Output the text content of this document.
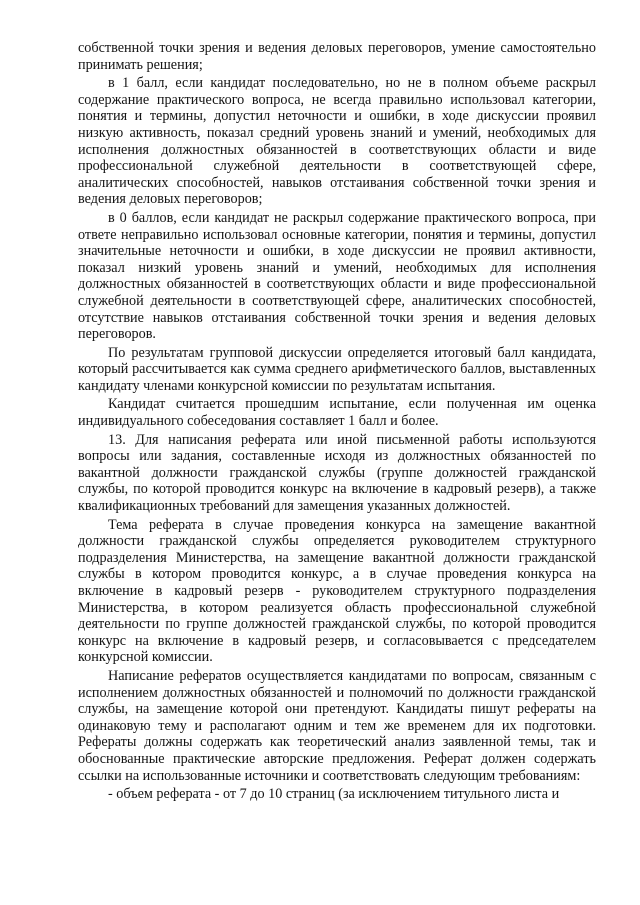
собственной точки зрения и ведения деловых переговоров, умение самостоятельно принимать решения;

в 1 балл, если кандидат последовательно, но не в полном объеме раскрыл содержание практического вопроса, не всегда правильно использовал категории, понятия и термины, допустил неточности и ошибки, в ходе дискуссии проявил низкую активность, показал средний уровень знаний и умений, необходимых для исполнения должностных обязанностей в соответствующих области и виде профессиональной служебной деятельности в соответствующей сфере, аналитических способностей, навыков отстаивания собственной точки зрения и ведения деловых переговоров;

в 0 баллов, если кандидат не раскрыл содержание практического вопроса, при ответе неправильно использовал основные категории, понятия и термины, допустил значительные неточности и ошибки, в ходе дискуссии не проявил активности, показал низкий уровень знаний и умений, необходимых для исполнения должностных обязанностей в соответствующих области и виде профессиональной служебной деятельности в соответствующей сфере, аналитических способностей, отсутствие навыков отстаивания собственной точки зрения и ведения деловых переговоров.

По результатам групповой дискуссии определяется итоговый балл кандидата, который рассчитывается как сумма среднего арифметического баллов, выставленных кандидату членами конкурсной комиссии по результатам испытания.

Кандидат считается прошедшим испытание, если полученная им оценка индивидуального собеседования составляет 1 балл и более.

13. Для написания реферата или иной письменной работы используются вопросы или задания, составленные исходя из должностных обязанностей по вакантной должности гражданской службы (группе должностей гражданской службы, по которой проводится конкурс на включение в кадровый резерв), а также квалификационных требований для замещения указанных должностей.

Тема реферата в случае проведения конкурса на замещение вакантной должности гражданской службы определяется руководителем структурного подразделения Министерства, на замещение вакантной должности гражданской службы в котором проводится конкурс, а в случае проведения конкурса на включение в кадровый резерв - руководителем структурного подразделения Министерства, в котором реализуется область профессиональной служебной деятельности по группе должностей гражданской службы, по которой проводится конкурс на включение в кадровый резерв, и согласовывается с председателем конкурсной комиссии.

Написание рефератов осуществляется кандидатами по вопросам, связанным с исполнением должностных обязанностей и полномочий по должности гражданской службы, на замещение которой они претендуют. Кандидаты пишут рефераты на одинаковую тему и располагают одним и тем же временем для их подготовки. Рефераты должны содержать как теоретический анализ заявленной темы, так и обоснованные практические авторские предложения. Реферат должен содержать ссылки на использованные источники и соответствовать следующим требованиям:

- объем реферата - от 7 до 10 страниц (за исключением титульного листа и
